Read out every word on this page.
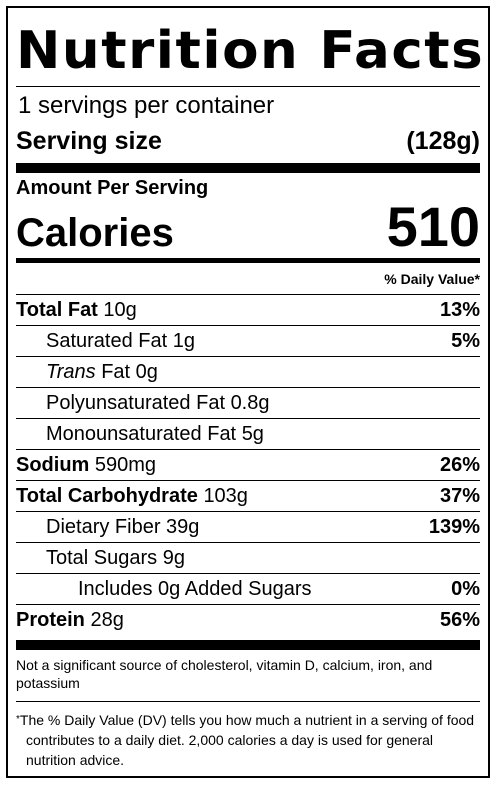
Nutrition Facts
1 servings per container
Serving size	(128g)
Amount Per Serving
Calories	510
% Daily Value*
Total Fat 10g	13%
Saturated Fat 1g	5%
Trans Fat 0g
Polyunsaturated Fat 0.8g
Monounsaturated Fat 5g
Sodium 590mg	26%
Total Carbohydrate 103g	37%
Dietary Fiber 39g	139%
Total Sugars 9g
Includes 0g Added Sugars	0%
Protein 28g	56%
Not a significant source of cholesterol, vitamin D, calcium, iron, and potassium
*The % Daily Value (DV) tells you how much a nutrient in a serving of food contributes to a daily diet. 2,000 calories a day is used for general nutrition advice.
